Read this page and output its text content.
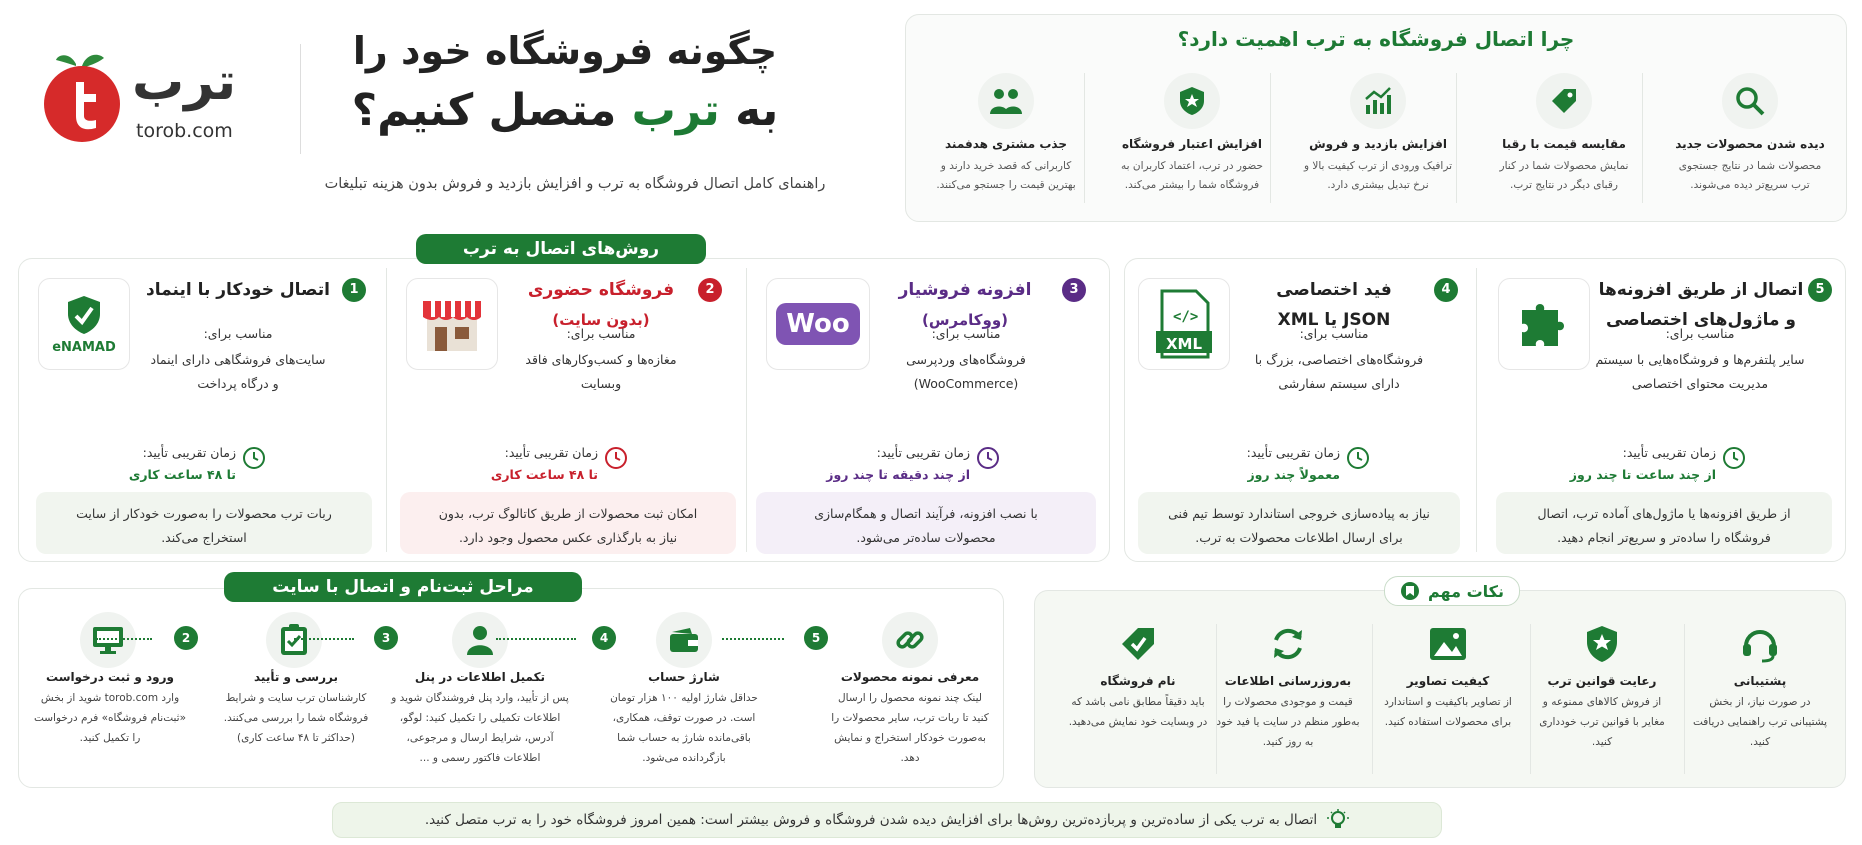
ترب
torob.com
چگونه فروشگاه خود را
به ترب متصل کنیم؟
راهنمای کامل اتصال فروشگاه به ترب و افزایش بازدید و فروش بدون هزینه تبلیغات
چرا اتصال فروشگاه به ترب اهمیت دارد؟
دیده شدن محصولات جدید
محصولات شما در نتایج جستجوی ترب سریع‌تر دیده می‌شوند.
مقایسه قیمت با رقبا
نمایش محصولات شما در کنار رقبای دیگر در نتایج ترب.
افزایش بازدید و فروش
ترافیک ورودی از ترب کیفیت بالا و نرخ تبدیل بیشتری دارد.
افزایش اعتبار فروشگاه
حضور در ترب، اعتماد کاربران به فروشگاه شما را بیشتر می‌کند.
جذب مشتری هدفمند
کاربرانی که قصد خرید دارند و بهترین قیمت را جستجو می‌کنند.
روش‌های اتصال به ترب
1
اتصال خودکار با اینماد
eNAMAD
مناسب برای:
سایت‌های فروشگاهی دارای اینماد و درگاه پرداخت
زمان تقریبی تأیید:
تا ۴۸ ساعت کاری
ربات ترب محصولات را به‌صورت خودکار از سایت استخراج می‌کند.
2
فروشگاه حضوری
(بدون سایت)
مناسب برای:
مغازه‌ها و کسب‌وکارهای فاقد وبسایت
زمان تقریبی تأیید:
تا ۴۸ ساعت کاری
امکان ثبت محصولات از طریق کاتالوگ ترب، بدون نیاز به بارگذاری عکس محصول وجود دارد.
3
افزونه فروشیار
(ووکامرس)
Woo	مناسب برای:
فروشگاه‌های وردپرسی (WooCommerce)
زمان تقریبی تأیید:
از چند دقیقه تا چند روز
با نصب افزونه، فرآیند اتصال و همگام‌سازی محصولات ساده‌تر می‌شود.
4
فید اختصاصی
JSON یا XML
</>
XML
مناسب برای:
فروشگاه‌های اختصاصی، بزرگ با دارای سیستم سفارشی
زمان تقریبی تأیید:
معمولاً چند روز
نیاز به پیاده‌سازی خروجی استاندارد توسط تیم فنی برای ارسال اطلاعات محصولات به ترب.
5
اتصال از طریق افزونه‌ها
و ماژول‌های اختصاصی
مناسب برای:
سایر پلتفرم‌ها و فروشگاه‌هایی با سیستم مدیریت محتوای اختصاصی
زمان تقریبی تأیید:
از چند ساعت تا چند روز
از طریق افزونه‌ها یا ماژول‌های آماده ترب، اتصال فروشگاه را ساده‌تر و سریع‌تر انجام دهید.
مراحل ثبت‌نام و اتصال با سایت
ورود و ثبت درخواست
وارد torob.com شوید از بخش «ثبت‌نام فروشگاه» فرم درخواست را تکمیل کنید.
2
بررسی و تأیید
کارشناسان ترب سایت و شرایط فروشگاه شما را بررسی می‌کنند. (حداکثر تا ۴۸ ساعت کاری)
3
تکمیل اطلاعات در پنل
پس از تأیید، وارد پنل فروشندگان شوید و اطلاعات تکمیلی را تکمیل کنید: لوگو، آدرس، شرایط ارسال و مرجوعی، اطلاعات فاکتور رسمی و ...
4
شارژ حساب
حداقل شارژ اولیه ۱۰۰ هزار تومان است. در صورت توقف، همکاری، باقی‌مانده شارژ به حساب شما بازگردانده می‌شود.
5
معرفی نمونه محصولات
لینک چند نمونه محصول را ارسال کنید تا ربات ترب، سایر محصولات را به‌صورت خودکار استخراج و نمایش دهد.
نکات مهم
نام فروشگاه
باید دقیقاً مطابق نامی باشد که در وبسایت خود نمایش می‌دهید.
به‌روزرسانی اطلاعات
قیمت و موجودی محصولات را به‌طور منظم در سایت یا فید خود به روز کنید.
کیفیت تصاویر
از تصاویر باکیفیت و استاندارد برای محصولات استفاده کنید.
رعایت قوانین ترب
از فروش کالاهای ممنوعه و مغایر با قوانین ترب خودداری کنید.
پشتیبانی
در صورت نیاز، از بخش پشتیبانی ترب راهنمایی دریافت کنید.
اتصال به ترب یکی از ساده‌ترین و پربازده‌ترین روش‌ها برای افزایش دیده شدن فروشگاه و فروش بیشتر است: همین امروز فروشگاه خود را به ترب متصل کنید.
